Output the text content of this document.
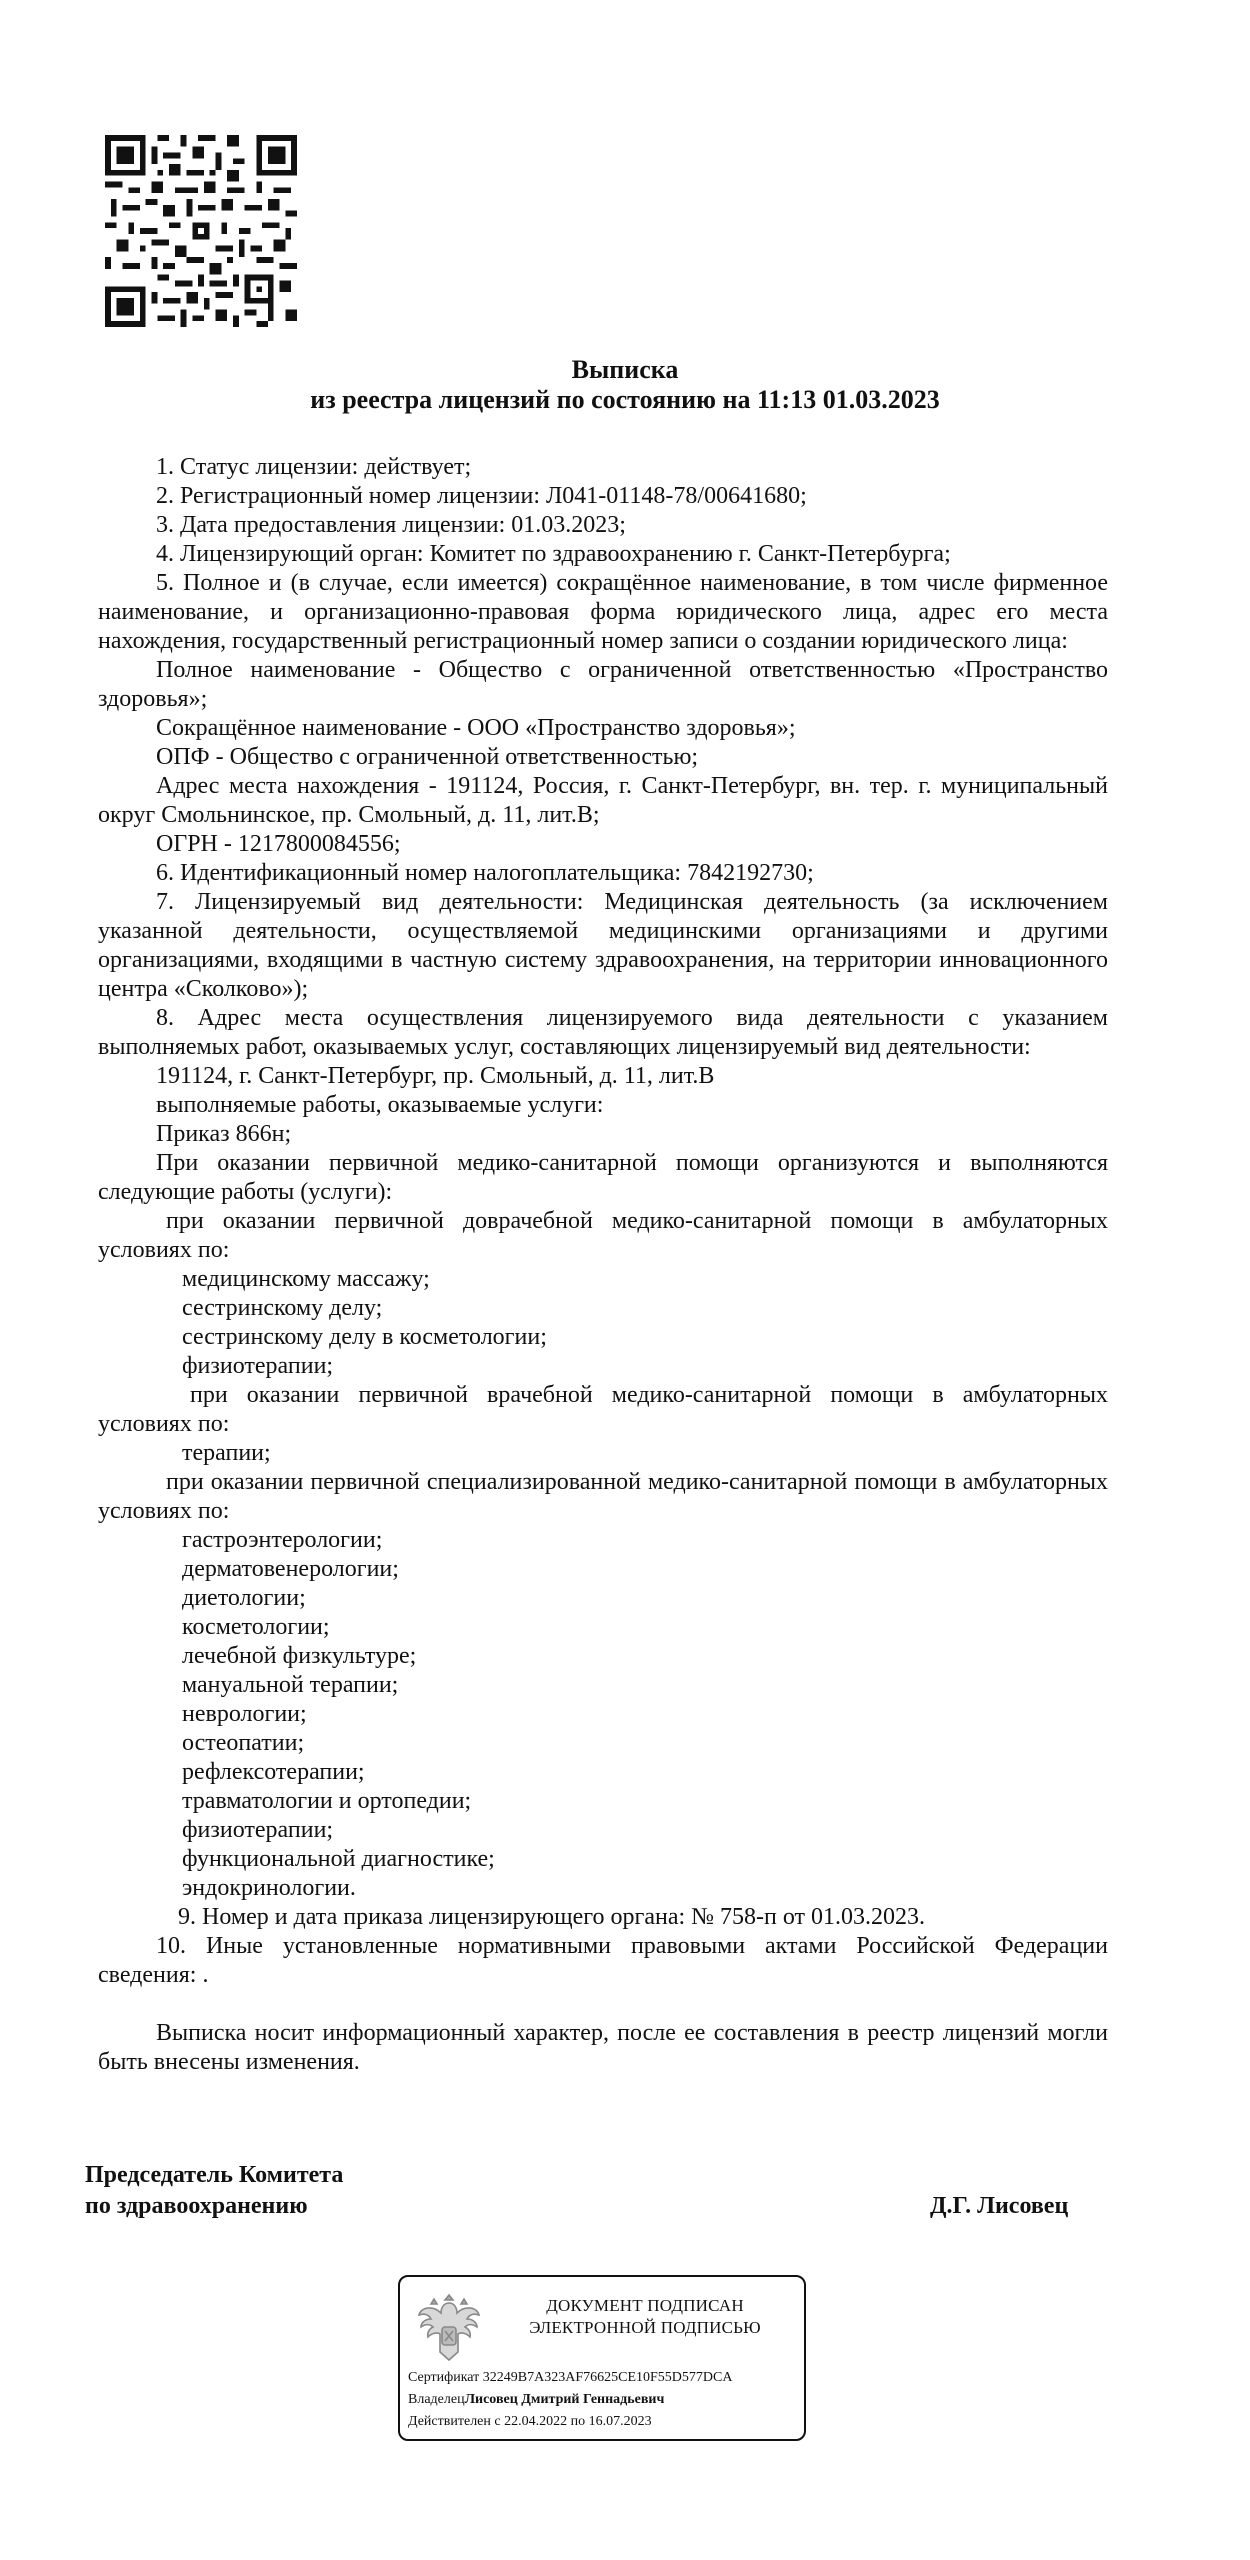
Выписка
из реестра лицензий по состоянию на 11:13 01.03.2023

1. Статус лицензии: действует;

2. Регистрационный номер лицензии: Л041-01148-78/00641680;

3. Дата предоставления лицензии: 01.03.2023;

4. Лицензирующий орган: Комитет по здравоохранению г. Санкт-Петербурга;

5. Полное и (в случае, если имеется) сокращённое наименование, в том числе фирменное наименование, и организационно-правовая форма юридического лица, адрес его места нахождения, государственный регистрационный номер записи о создании юридического лица:

Полное наименование - Общество с ограниченной ответственностью «Пространство здоровья»;

Сокращённое наименование - ООО «Пространство здоровья»;

ОПФ - Общество с ограниченной ответственностью;

Адрес места нахождения - 191124, Россия, г. Санкт-Петербург, вн. тер. г. муниципальный округ Смольнинское, пр. Смольный, д. 11, лит.В;

ОГРН - 1217800084556;

6. Идентификационный номер налогоплательщика: 7842192730;

7. Лицензируемый вид деятельности: Медицинская деятельность (за исключением указанной деятельности, осуществляемой медицинскими организациями и другими организациями, входящими в частную систему здравоохранения, на территории инновационного центра «Сколково»);

8. Адрес места осуществления лицензируемого вида деятельности с указанием выполняемых работ, оказываемых услуг, составляющих лицензируемый вид деятельности:

191124, г. Санкт-Петербург, пр. Смольный, д. 11, лит.В

выполняемые работы, оказываемые услуги:

Приказ 866н;

При оказании первичной медико-санитарной помощи организуются и выполняются следующие работы (услуги):

при оказании первичной доврачебной медико-санитарной помощи в амбулаторных условиях по:

медицинскому массажу;

сестринскому делу;

сестринскому делу в косметологии;

физиотерапии;

при оказании первичной врачебной медико-санитарной помощи в амбулаторных условиях по:

терапии;

при оказании первичной специализированной медико-санитарной помощи в амбулаторных условиях по:

гастроэнтерологии;

дерматовенерологии;

диетологии;

косметологии;

лечебной физкультуре;

мануальной терапии;

неврологии;

остеопатии;

рефлексотерапии;

травматологии и ортопедии;

физиотерапии;

функциональной диагностике;

эндокринологии.

9. Номер и дата приказа лицензирующего органа: № 758-п от 01.03.2023.

10. Иные установленные нормативными правовыми актами Российской Федерации сведения: .

Выписка носит информационный характер, после ее составления в реестр лицензий могли быть внесены изменения.

Председатель Комитета
по здравоохранению	Д.Г. Лисовец
ДОКУМЕНТ ПОДПИСАН
ЭЛЕКТРОННОЙ ПОДПИСЬЮ
Сертификат 32249B7A323AF76625CE10F55D577DCA
ВладелецЛисовец Дмитрий Геннадьевич
Действителен с 22.04.2022 по 16.07.2023
